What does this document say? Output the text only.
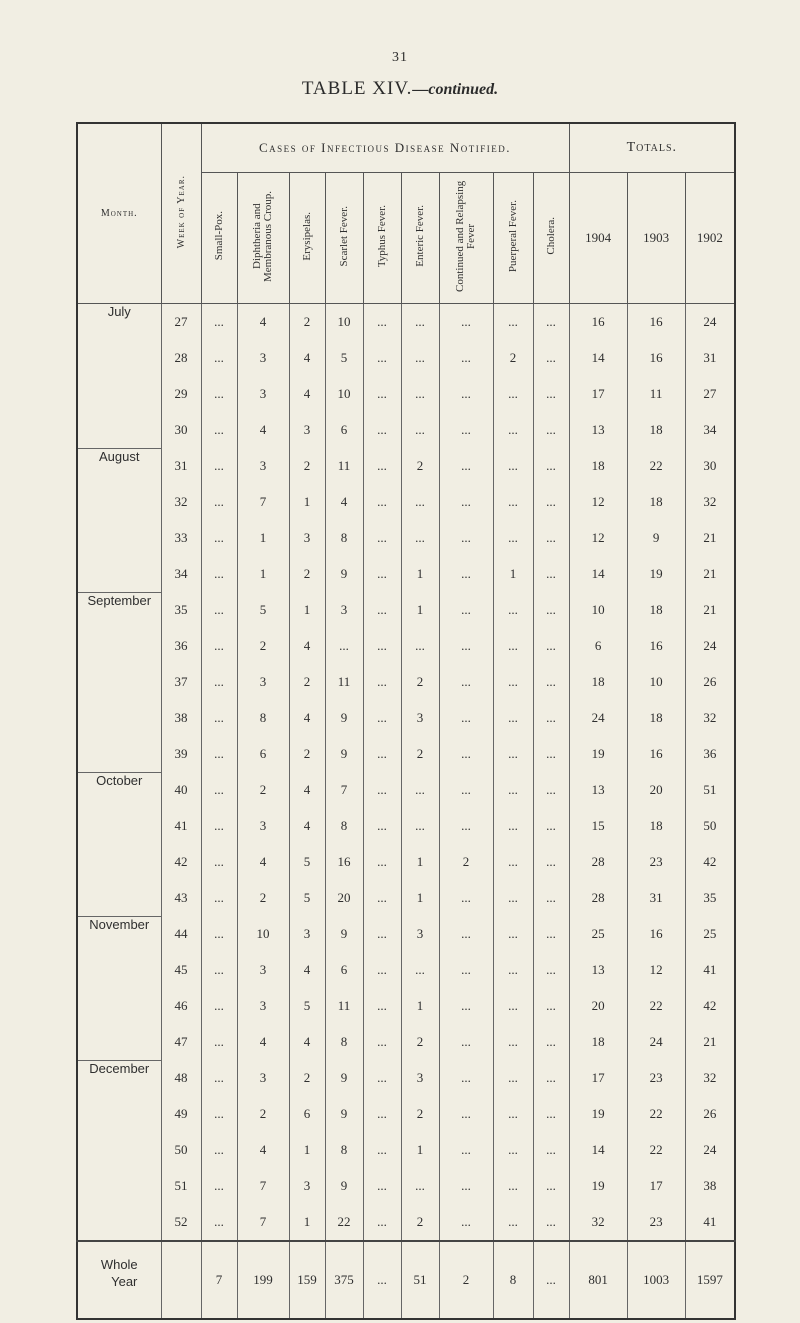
31
TABLE XIV.—continued.
Month.	Week of Year.	Cases of Infectious Disease Notified.									Totals.		
		Small-Pox.	Diphtheria and Membranous Croup.	Erysipelas.	Scarlet Fever.	Typhus Fever.	Enteric Fever.	Continued and Relapsing Fever	Puerperal Fever.	Cholera.			
											1904	1903	1902
July	27	...	4	2	10	...	...	...	...	...	16	16	24
	28	...	3	4	5	...	...	...	2	...	14	16	31
	29	...	3	4	10	...	...	...	...	...	17	11	27
	30	...	4	3	6	...	...	...	...	...	13	18	34
August	31	...	3	2	11	...	2	...	...	...	18	22	30
	32	...	7	1	4	...	...	...	...	...	12	18	32
	33	...	1	3	8	...	...	...	...	...	12	9	21
	34	...	1	2	9	...	1	...	1	...	14	19	21
September	35	...	5	1	3	...	1	...	...	...	10	18	21
	36	...	2	4	...	...	...	...	...	...	6	16	24
	37	...	3	2	11	...	2	...	...	...	18	10	26
	38	...	8	4	9	...	3	...	...	...	24	18	32
	39	...	6	2	9	...	2	...	...	...	19	16	36
October	40	...	2	4	7	...	...	...	...	...	13	20	51
	41	...	3	4	8	...	...	...	...	...	15	18	50
	42	...	4	5	16	...	1	2	...	...	28	23	42
	43	...	2	5	20	...	1	...	...	...	28	31	35
November	44	...	10	3	9	...	3	...	...	...	25	16	25
	45	...	3	4	6	...	...	...	...	...	13	12	41
	46	...	3	5	11	...	1	...	...	...	20	22	42
	47	...	4	4	8	...	2	...	...	...	18	24	21
December	48	...	3	2	9	...	3	...	...	...	17	23	32
	49	...	2	6	9	...	2	...	...	...	19	22	26
	50	...	4	1	8	...	1	...	...	...	14	22	24
	51	...	7	3	9	...	...	...	...	...	19	17	38
	52	...	7	1	22	...	2	...	...	...	32	23	41

Whole
Year		7	199	159	375	...	51	2	8	...	801	1003	1597
